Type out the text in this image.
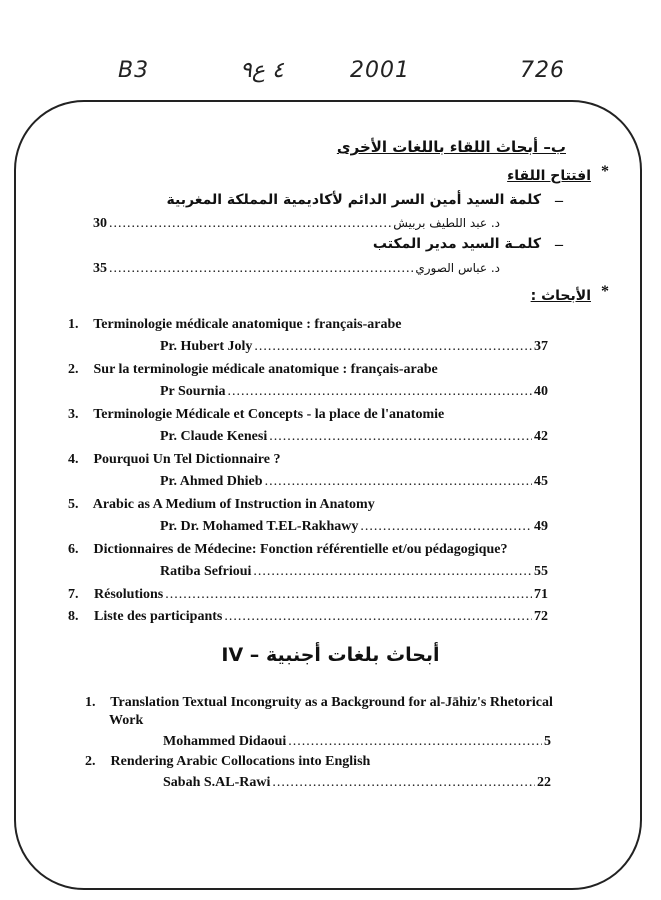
B3	۹٤ ع	2001	726
ب– أبحاث اللقاء باللغات الأخرى
*
افتتاح اللقاء
–
كلمة السيد أمين السر الدائم لأكاديمية المملكة المغربية
30 .....	د. عبد اللطيف بربيش
–
كلمـة السيد مدير المكتب
35 .....	د. عباس الصوري
*
الأبحاث :
1. Terminologie médicale anatomique : français-arabe
Pr. Hubert Joly .....	37
2. Sur la terminologie médicale anatomique : français-arabe
Pr Sournia .....	40
3. Terminologie Médicale et Concepts - la place de l'anatomie
Pr. Claude Kenesi .....	42
4. Pourquoi Un Tel Dictionnaire ?
Pr. Ahmed Dhieb .....	45
5. Arabic as A Medium of Instruction in Anatomy
Pr. Dr. Mohamed T.EL-Rakhawy .....	49
6. Dictionnaires de Médecine: Fonction référentielle et/ou pédagogique?
Ratiba Sefrioui .....	55
7.	Résolutions .....	71
8.	Liste des participants .....	72
IV – أبحاث بلغات أجنبية
1. Translation Textual Incongruity as a Background for al-Jāhiz's Rhetorical
Work
Mohammed Didaoui .....	5
2. Rendering Arabic Collocations into English
Sabah S.AL-Rawi .....	22
